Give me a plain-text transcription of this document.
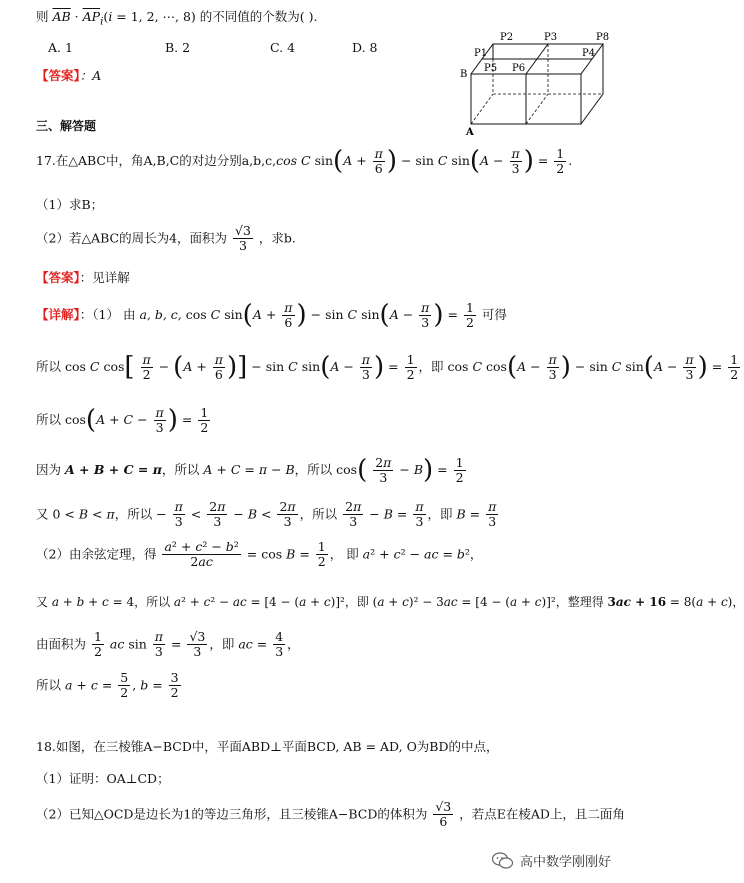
则 $\overline{AB} \cdot \overline{AP}_i(i = 1$, 2, ⋯, 8) 的不同值的个数为( ).
A. 1	B. 2	C. 4	D. 8
【答案】：A
P2	P3	P8
P1	P4
B
P5 P6
A
三、解答题
17.在△ABC中，角A,B,C的对边分别a,b,c,cos C $\sin(A + \frac{\pi}{6}$ ) − sin C $\sin(A - \frac{\pi}{3}$ ) = $\frac{1}{2}$ .
（1）求B；
（2）若△ABC的周长为4，面积为 $\frac{√3}{3}$ ，求b.
【答案】：见详解
【详解】：（1） 由 a, b, c, cos C $\sin(A + \frac{\pi}{6}$ ) − sin C $\sin(A - \frac{\pi}{3}$ ) = $\frac{1}{2}$ 可得
所以 cos C $\cos[ \frac{\pi}{2} - (A + \frac{\pi}{6}$ )] − sin C $\sin(A - \frac{\pi}{3}$ ) = $\frac{1}{2}$ ，即 cos C $\cos(A - \frac{\pi}{3}$ ) − sin C $\sin(A - \frac{\pi}{3}$ ) = $\frac{1}{2}$
所以 $\cos(A + C - \frac{\pi}{3}$ ) = $\frac{1}{2}$
因为 A + B + C = π，所以 A + C = π − B，所以 $\cos( \frac{2\pi}{3} - B) = \frac{1}{2}$
又 0 < B < π，所以 − $\frac{\pi}{3} < \frac{2\pi}{3} - B < \frac{2\pi}{3}$ ，所以 $\frac{2\pi}{3} - B = \frac{\pi}{3}$ ，即 $B = \frac{\pi}{3}$
（2）由余弦定理，得 $\frac{\text{a² + c² − b²}}{2ac} = \cos B = \frac{1}{2}$ ， 即 a² + c² − ac = b²，
又 a + b + c = 4，所以 a² + c² − ac = [4 − (a + c)]²，即 (a + c)² − 3ac = [4 − (a + c)]²，整理得 3ac + 16 = 8(a + c)，
由面积为 $\frac{1}{2}$ ac $\sin \frac{\pi}{3} = \frac{√3}{3}$ ，即 ac = $\frac{4}{3}$ ，
所以 $a + c = \frac{5}{2}$ , $b = \frac{3}{2}$
18.如图，在三棱锥A−BCD中，平面ABD⊥平面BCD, AB = AD, O为BD的中点，
（1）证明：OA⊥CD；
（2）已知△OCD是边长为1的等边三角形，且三棱锥A−BCD的体积为 $\frac{√3}{6}$ ，若点E在棱AD上，且二面角
高中数学刚刚好
